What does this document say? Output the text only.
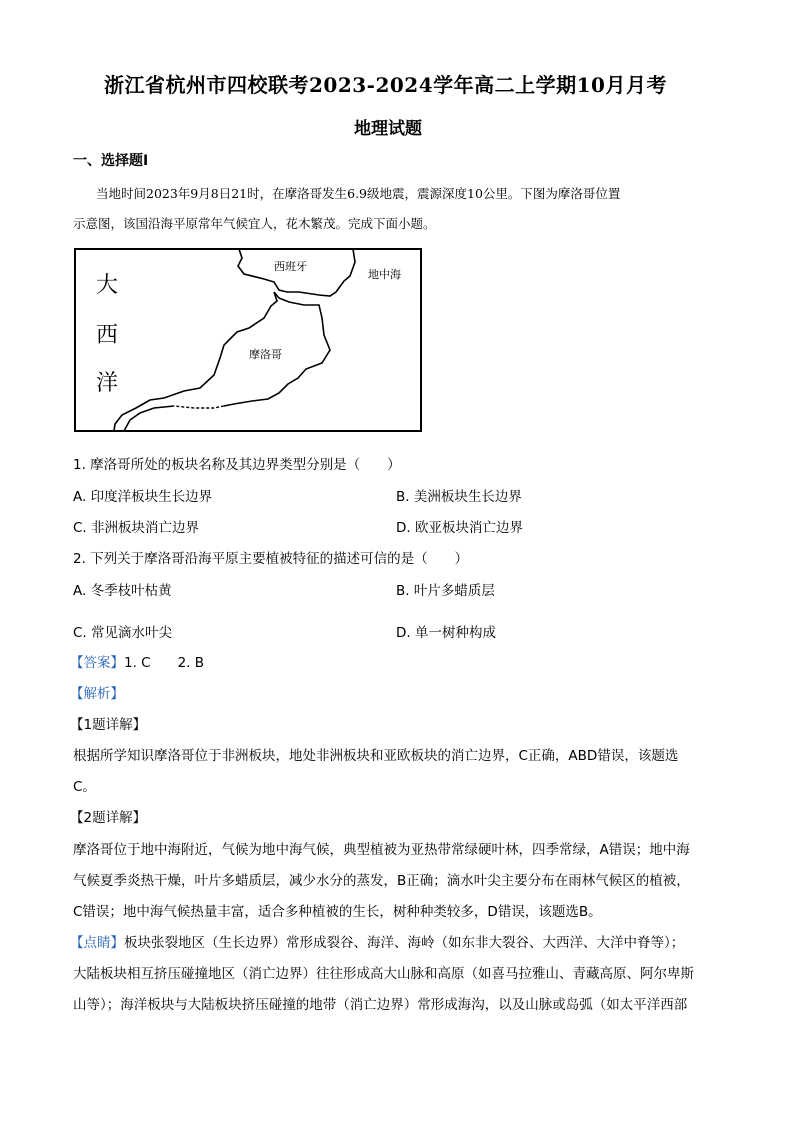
浙江省杭州市四校联考2023-2024学年高二上学期10月月考
地理试题
一、选择题Ⅰ
当地时间2023年9月8日21时，在摩洛哥发生6.9级地震，震源深度10公里。下图为摩洛哥位置
示意图，该国沿海平原常年气候宜人，花木繁茂。完成下面小题。
大
西
洋
西班牙
地中海
摩洛哥
1. 摩洛哥所处的板块名称及其边界类型分别是（　　）
A. 印度洋板块生长边界	B. 美洲板块生长边界
C. 非洲板块消亡边界	D. 欧亚板块消亡边界
2. 下列关于摩洛哥沿海平原主要植被特征的描述可信的是（　　）
A. 冬季枝叶枯黄	B. 叶片多蜡质层
C. 常见滴水叶尖	D. 单一树种构成
【答案】1. C　　2. B
【解析】
【1题详解】
根据所学知识摩洛哥位于非洲板块，地处非洲板块和亚欧板块的消亡边界，C正确，ABD错误，该题选
C。
【2题详解】
摩洛哥位于地中海附近，气候为地中海气候，典型植被为亚热带常绿硬叶林，四季常绿，A错误；地中海
气候夏季炎热干燥，叶片多蜡质层，减少水分的蒸发，B正确；滴水叶尖主要分布在雨林气候区的植被，
C错误；地中海气候热量丰富，适合多种植被的生长，树种种类较多，D错误，该题选B。
【点睛】板块张裂地区（生长边界）常形成裂谷、海洋、海岭（如东非大裂谷、大西洋、大洋中脊等）；
大陆板块相互挤压碰撞地区（消亡边界）往往形成高大山脉和高原（如喜马拉雅山、青藏高原、阿尔卑斯
山等）；海洋板块与大陆板块挤压碰撞的地带（消亡边界）常形成海沟，以及山脉或岛弧（如太平洋西部
